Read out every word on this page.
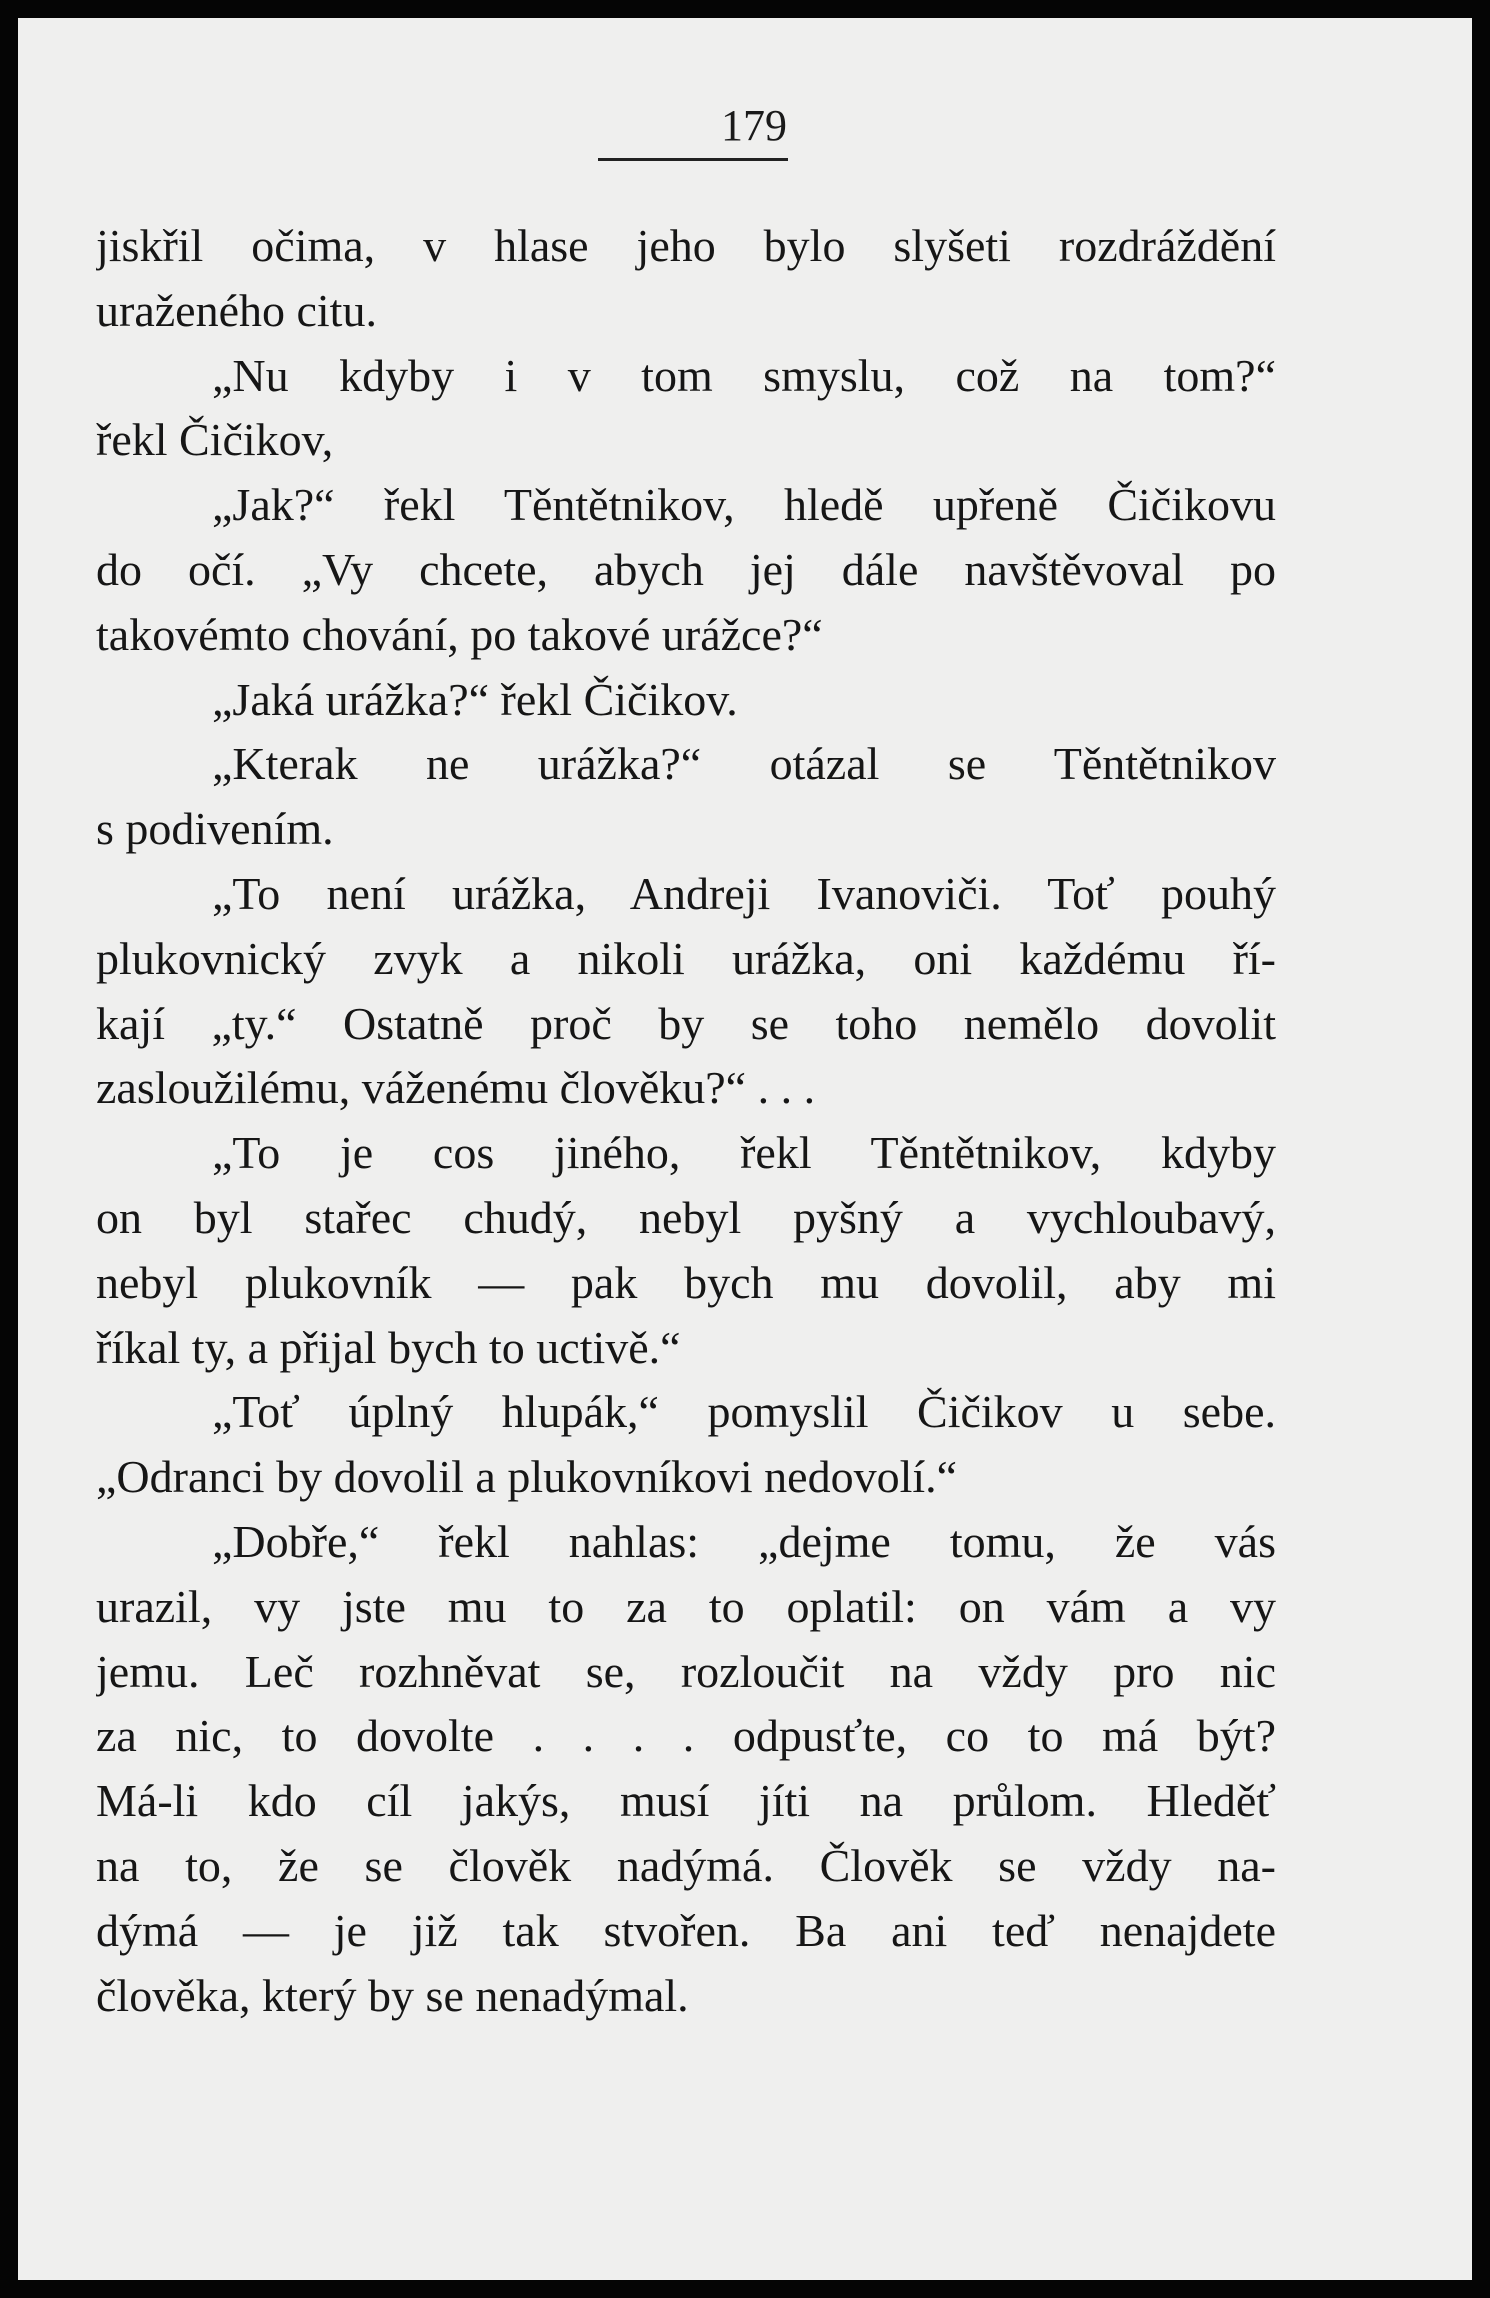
179
jiskřil očima, v hlase jeho bylo slyšeti rozdráždění
uraženého citu.
„Nu kdyby i v tom smyslu, což na tom?“
řekl Čičikov,
„Jak?“ řekl Těntětnikov, hledě upřeně Čičikovu
do očí. „Vy chcete, abych jej dále navštěvoval po
takovémto chování, po takové urážce?“
„Jaká urážka?“ řekl Čičikov.
„Kterak ne urážka?“ otázal se Těntětnikov
s podivením.
„To není urážka, Andreji Ivanoviči. Toť pouhý
plukovnický zvyk a nikoli urážka, oni každému ří-
kají „ty.“ Ostatně proč by se toho nemělo dovolit
zasloužilému, váženému člověku?“ . . .
„To je cos jiného, řekl Těntětnikov, kdyby
on byl stařec chudý, nebyl pyšný a vychloubavý,
nebyl plukovník — pak bych mu dovolil, aby mi
říkal ty, a přijal bych to uctivě.“
„Toť úplný hlupák,“ pomyslil Čičikov u sebe.
„Odranci by dovolil a plukovníkovi nedovolí.“
„Dobře,“ řekl nahlas: „dejme tomu, že vás
urazil, vy jste mu to za to oplatil: on vám a vy
jemu. Leč rozhněvat se, rozloučit na vždy pro nic
za nic, to dovolte . . . . odpusťte, co to má být?
Má-li kdo cíl jakýs, musí jíti na průlom. Hleděť
na to, že se člověk nadýmá. Člověk se vždy na-
dýmá — je již tak stvořen. Ba ani teď nenajdete
člověka, který by se nenadýmal.
